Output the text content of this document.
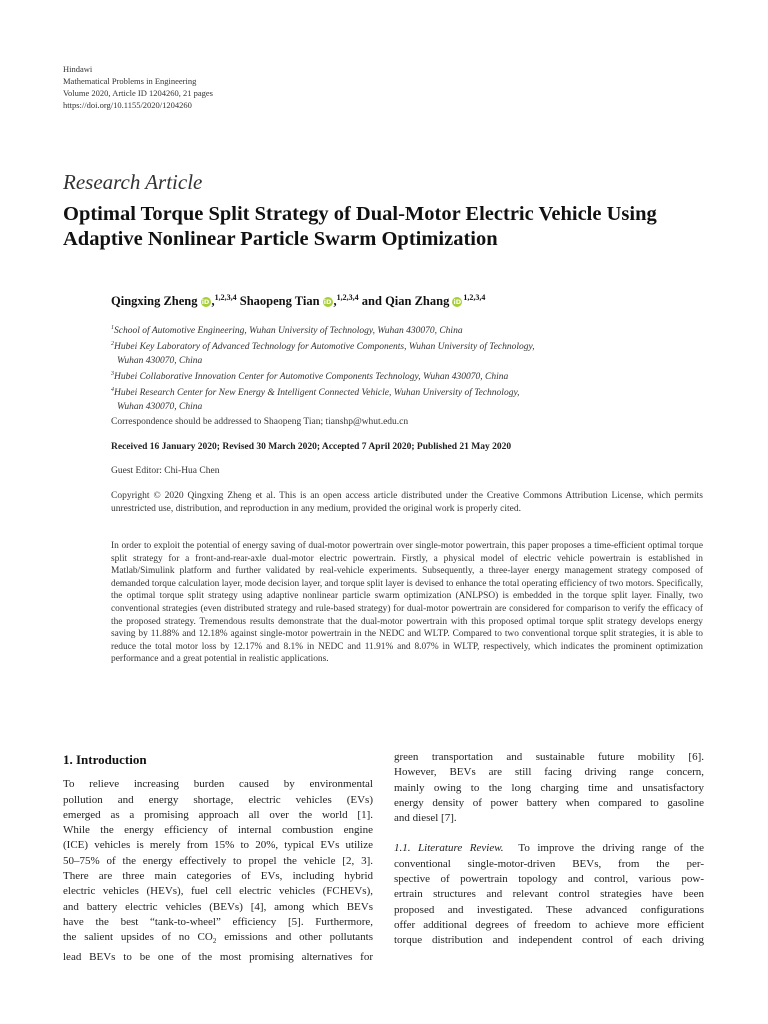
Hindawi
Mathematical Problems in Engineering
Volume 2020, Article ID 1204260, 21 pages
https://doi.org/10.1155/2020/1204260
Research Article
Optimal Torque Split Strategy of Dual-Motor Electric Vehicle Using Adaptive Nonlinear Particle Swarm Optimization
Qingxing Zheng iD ,$^{1,2,3,4}$ Shaopeng Tian iD ,$^{1,2,3,4}$ and Qian Zhang iD$^{1,2,3,4}$
$^1$School of Automotive Engineering, Wuhan University of Technology, Wuhan 430070, China
$^2$Hubei Key Laboratory of Advanced Technology for Automotive Components, Wuhan University of Technology,
Wuhan 430070, China
$^3$Hubei Collaborative Innovation Center for Automotive Components Technology, Wuhan 430070, China
$^4$Hubei Research Center for New Energy & Intelligent Connected Vehicle, Wuhan University of Technology,
Wuhan 430070, China
Correspondence should be addressed to Shaopeng Tian; tianshp@whut.edu.cn
Received 16 January 2020; Revised 30 March 2020; Accepted 7 April 2020; Published 21 May 2020
Guest Editor: Chi-Hua Chen
Copyright © 2020 Qingxing Zheng et al. This is an open access article distributed under the Creative Commons Attribution License, which permits unrestricted use, distribution, and reproduction in any medium, provided the original work is properly cited.

In order to exploit the potential of energy saving of dual-motor powertrain over single-motor powertrain, this paper proposes a time-efficient optimal torque split strategy for a front-and-rear-axle dual-motor electric powertrain. Firstly, a physical model of electric vehicle powertrain is established in Matlab/Simulink platform and further validated by real-vehicle experiments. Subsequently, a three-layer energy management strategy composed of demanded torque calculation layer, mode decision layer, and torque split layer is devised to enhance the total operating efficiency of two motors. Specifically, the optimal torque split strategy using adaptive nonlinear particle swarm optimization (ANLPSO) is embedded in the torque split layer. Finally, two conventional strategies (even distributed strategy and rule-based strategy) for dual-motor powertrain are considered for comparison to verify the efficacy of the proposed strategy. Tremendous results demonstrate that the dual-motor powertrain with this proposed optimal torque split strategy develops energy saving by 11.88% and 12.18% against single-motor powertrain in the NEDC and WLTP. Compared to two conventional torque split strategies, it is able to reduce the total motor loss by 12.17% and 8.1% in NEDC and 11.91% and 8.07% in WLTP, respectively, which indicates the prominent optimization performance and a great potential in realistic applications.

1. Introduction

To relieve increasing burden caused by environmental
pollution and energy shortage, electric vehicles (EVs)
emerged as a promising approach all over the world [1].
While the energy efficiency of internal combustion engine
(ICE) vehicles is merely from 15% to 20%, typical EVs utilize
50–75% of the energy effectively to propel the vehicle [2, 3].
There are three main categories of EVs, including hybrid
electric vehicles (HEVs), fuel cell electric vehicles (FCHEVs),
and battery electric vehicles (BEVs) [4], among which BEVs
have the best “tank-to-wheel” efficiency [5]. Furthermore,
the salient upsides of no $CO_2$ emissions and other pollutants
lead BEVs to be one of the most promising alternatives for

green transportation and sustainable future mobility [6].
However, BEVs are still facing driving range concern,
mainly owing to the long charging time and unsatisfactory
energy density of power battery when compared to gasoline
and diesel [7].

1.1. Literature Review. To improve the driving range of the
conventional single-motor-driven BEVs, from the per-
spective of powertrain topology and control, various pow-
ertrain structures and relevant control strategies have been
proposed and investigated. These advanced configurations
offer additional degrees of freedom to achieve more efficient
torque distribution and independent control of each driving
